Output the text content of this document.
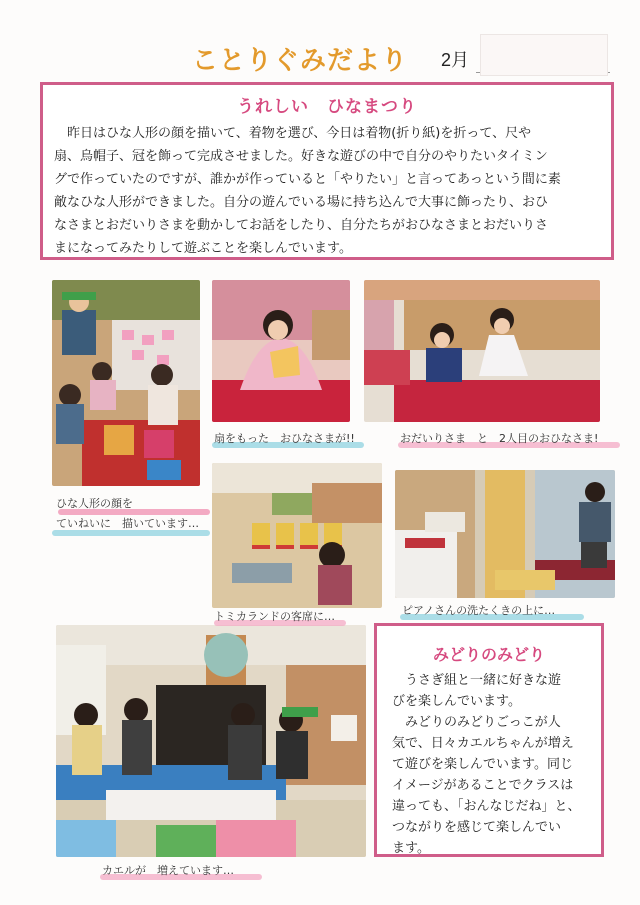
ことりぐみだより	2月
うれしい　ひなまつり
　昨日はひな人形の顔を描いて、着物を選び、今日は着物(折り紙)を折って、尺や
扇、烏帽子、冠を飾って完成させました。好きな遊びの中で自分のやりたいタイミン
グで作っていたのですが、誰かが作っていると「やりたい」と言ってあっという間に素
敵なひな人形ができました。自分の遊んでいる場に持ち込んで大事に飾ったり、おひ
なさまとおだいりさまを動かしてお話をしたり、自分たちがおひなさまとおだいりさ
まになってみたりして遊ぶことを楽しんでいます。
ひな人形の顔を
ていねいに　描いています…
扇をもった　おひなさまが!!	おだいりさま　と　2人目のおひなさま!
トミカランドの客席に…	ピアノさんの洗たくきの上に…
カエルが　増えています…
みどりのみどり
　うさぎ組と一緒に好きな遊
びを楽しんでいます。
　みどりのみどりごっこが人
気で、日々カエルちゃんが増え
て遊びを楽しんでいます。同じ
イメージがあることでクラスは
違っても、「おんなじだね」と、
つながりを感じて楽しんでい
ます。
